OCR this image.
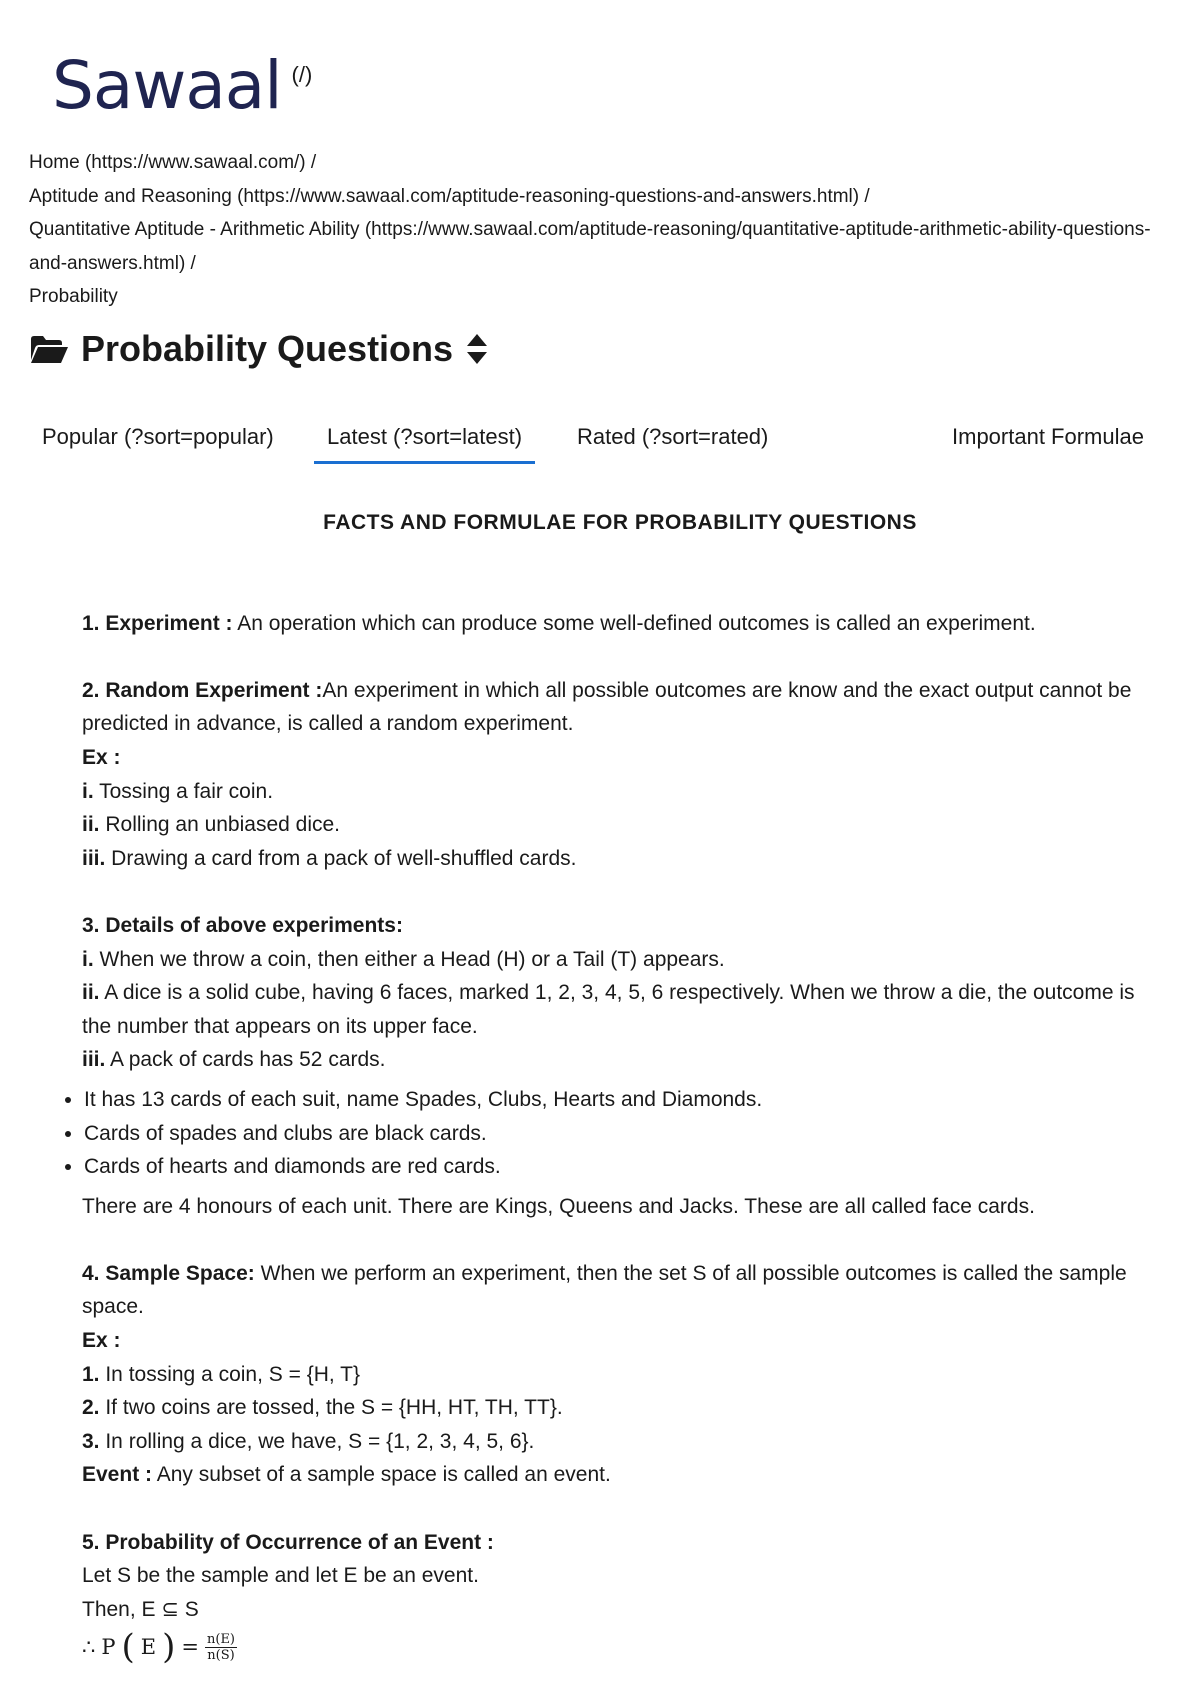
Sawaal (/)
Home (https://www.sawaal.com/) /
Aptitude and Reasoning (https://www.sawaal.com/aptitude-reasoning-questions-and-answers.html) /
Quantitative Aptitude - Arithmetic Ability (https://www.sawaal.com/aptitude-reasoning/quantitative-aptitude-arithmetic-ability-questions-and-answers.html) /
Probability
Probability Questions
Popular (?sort=popular)	Latest (?sort=latest)	Rated (?sort=rated)	Important Formulae
FACTS AND FORMULAE FOR PROBABILITY QUESTIONS
1. Experiment : An operation which can produce some well-defined outcomes is called an experiment.
2. Random Experiment :An experiment in which all possible outcomes are know and the exact output cannot be predicted in advance, is called a random experiment.
Ex :
i. Tossing a fair coin.
ii. Rolling an unbiased dice.
iii. Drawing a card from a pack of well-shuffled cards.
3. Details of above experiments:
i. When we throw a coin, then either a Head (H) or a Tail (T) appears.
ii. A dice is a solid cube, having 6 faces, marked 1, 2, 3, 4, 5, 6 respectively. When we throw a die, the outcome is the number that appears on its upper face.
iii. A pack of cards has 52 cards.
• It has 13 cards of each suit, name Spades, Clubs, Hearts and Diamonds.
• Cards of spades and clubs are black cards.
• Cards of hearts and diamonds are red cards.
There are 4 honours of each unit. There are Kings, Queens and Jacks. These are all called face cards.
4. Sample Space: When we perform an experiment, then the set S of all possible outcomes is called the sample space.
Ex :
1. In tossing a coin, S = {H, T}
2. If two coins are tossed, the S = {HH, HT, TH, TT}.
3. In rolling a dice, we have, S = {1, 2, 3, 4, 5, 6}.
Event : Any subset of a sample space is called an event.
5. Probability of Occurrence of an Event :
Let S be the sample and let E be an event.
Then, E ⊆ S
∴ P ( E ) = $\frac{n(E)}{n(S)}$
